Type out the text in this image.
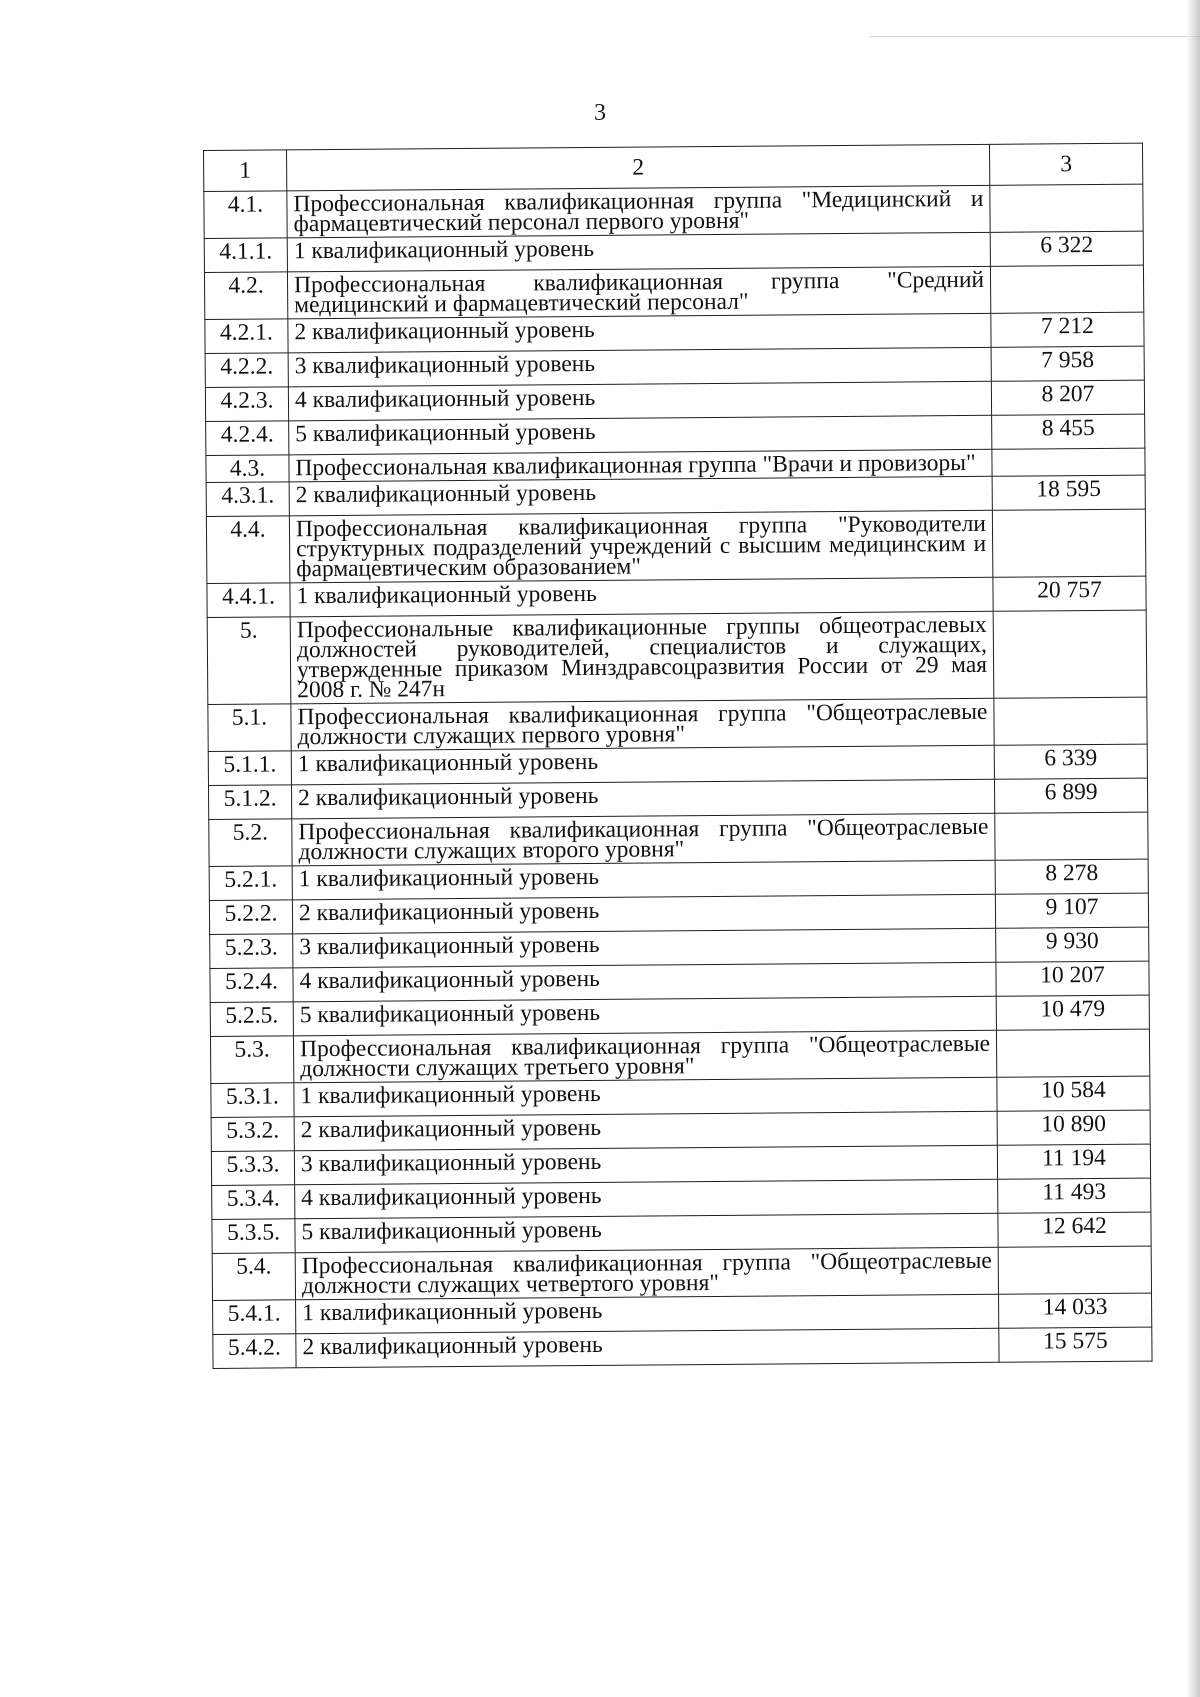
3
1	2	3
4.1.	Профессиональная квалификационная группа "Медицинский и фармацевтический персонал первого уровня"	
4.1.1.	1 квалификационный уровень	6 322
4.2.	Профессиональная квалификационная группа "Средний медицинский и фармацевтический персонал"	
4.2.1.	2 квалификационный уровень	7 212
4.2.2.	3 квалификационный уровень	7 958
4.2.3.	4 квалификационный уровень	8 207
4.2.4.	5 квалификационный уровень	8 455
4.3.	Профессиональная квалификационная группа "Врачи и провизоры"	
4.3.1.	2 квалификационный уровень	18 595
4.4.	Профессиональная квалификационная группа "Руководители структурных подразделений учреждений с высшим медицинским и фармацевтическим образованием"	
4.4.1.	1 квалификационный уровень	20 757
5.	Профессиональные квалификационные группы общеотраслевых должностей руководителей, специалистов и служащих, утвержденные приказом Минздравсоцразвития России от 29 мая 2008 г. № 247н	
5.1.	Профессиональная квалификационная группа "Общеотраслевые должности служащих первого уровня"	
5.1.1.	1 квалификационный уровень	6 339
5.1.2.	2 квалификационный уровень	6 899
5.2.	Профессиональная квалификационная группа "Общеотраслевые должности служащих второго уровня"	
5.2.1.	1 квалификационный уровень	8 278
5.2.2.	2 квалификационный уровень	9 107
5.2.3.	3 квалификационный уровень	9 930
5.2.4.	4 квалификационный уровень	10 207
5.2.5.	5 квалификационный уровень	10 479
5.3.	Профессиональная квалификационная группа "Общеотраслевые должности служащих третьего уровня"	
5.3.1.	1 квалификационный уровень	10 584
5.3.2.	2 квалификационный уровень	10 890
5.3.3.	3 квалификационный уровень	11 194
5.3.4.	4 квалификационный уровень	11 493
5.3.5.	5 квалификационный уровень	12 642
5.4.	Профессиональная квалификационная группа "Общеотраслевые должности служащих четвертого уровня"	
5.4.1.	1 квалификационный уровень	14 033
5.4.2.	2 квалификационный уровень	15 575
